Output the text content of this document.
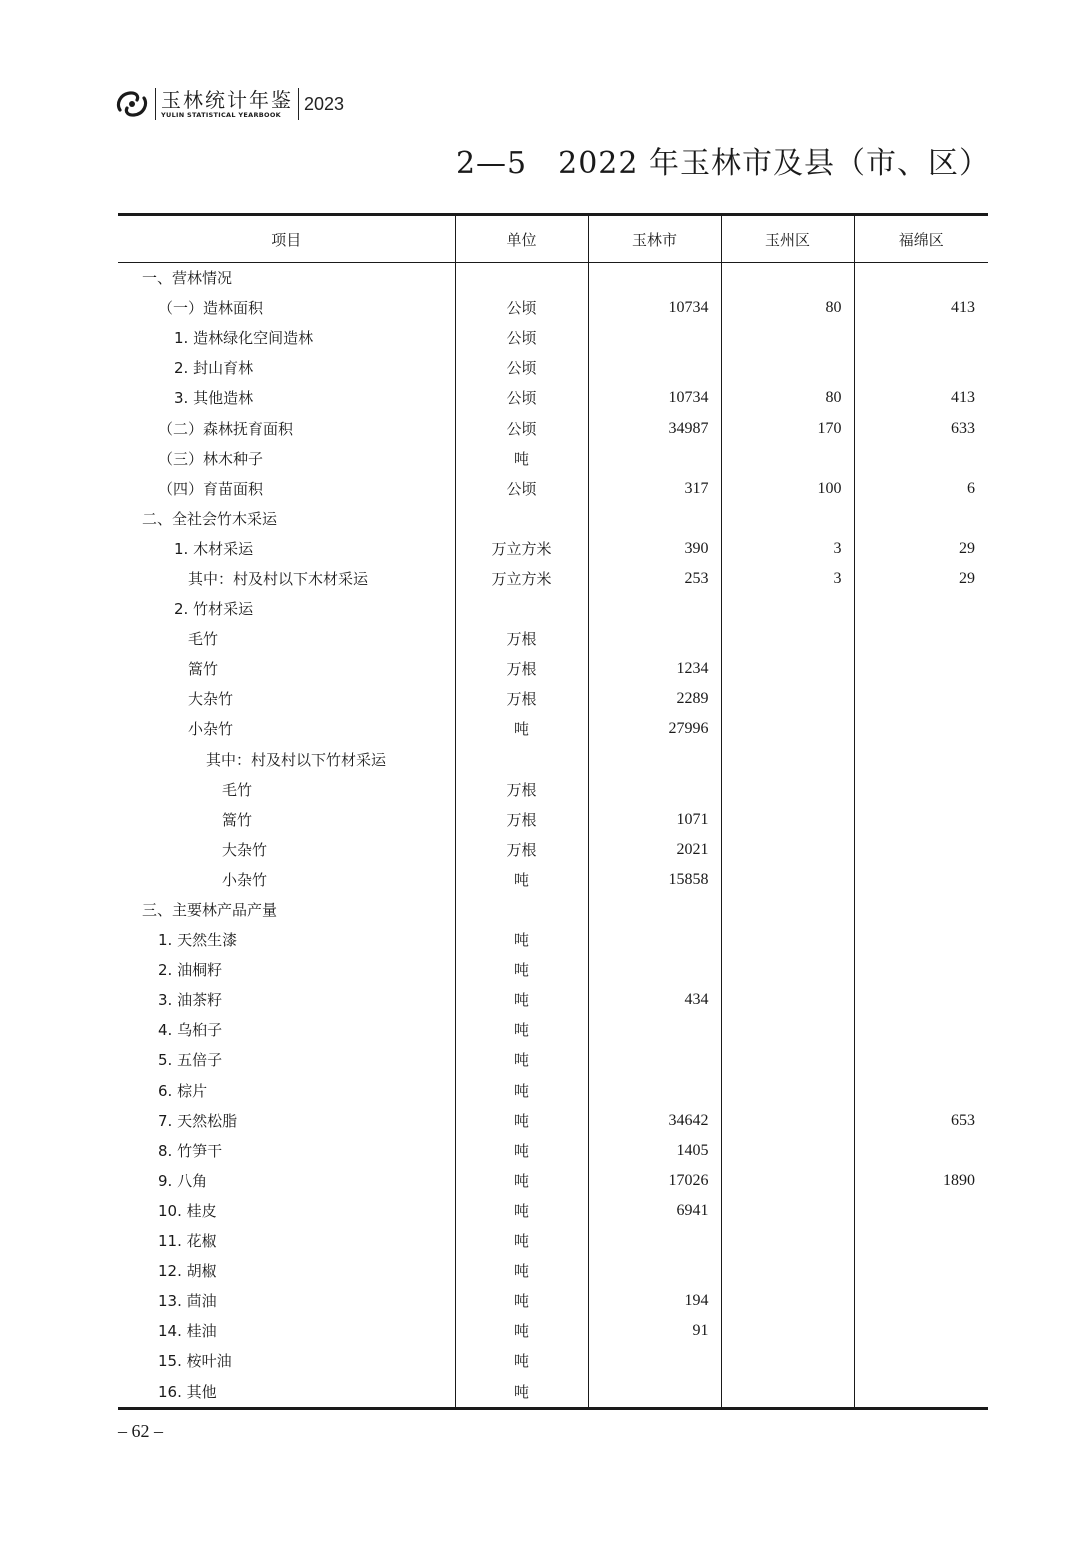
玉林统计年鉴
YULIN STATISTICAL YEARBOOK
2023
2—5　2022 年玉林市及县（市、区）
项目	单位	玉林市	玉州区	福绵区
一、营林情况				
（一）造林面积	公顷	10734	80	413
1. 造林绿化空间造林	公顷			
2. 封山育林	公顷			
3. 其他造林	公顷	10734	80	413
（二）森林抚育面积	公顷	34987	170	633
（三）林木种子	吨			
（四）育苗面积	公顷	317	100	6
二、全社会竹木采运				
1. 木材采运	万立方米	390	3	29
其中：村及村以下木材采运	万立方米	253	3	29
2. 竹材采运				
毛竹	万根			
篙竹	万根	1234		
大杂竹	万根	2289		
小杂竹	吨	27996		
其中：村及村以下竹材采运				
毛竹	万根			
篙竹	万根	1071		
大杂竹	万根	2021		
小杂竹	吨	15858		
三、主要林产品产量				
1. 天然生漆	吨			
2. 油桐籽	吨			
3. 油茶籽	吨	434		
4. 乌桕子	吨			
5. 五倍子	吨			
6. 棕片	吨			
7. 天然松脂	吨	34642		653
8. 竹笋干	吨	1405		
9. 八角	吨	17026		1890
10. 桂皮	吨	6941		
11. 花椒	吨			
12. 胡椒	吨			
13. 茴油	吨	194		
14. 桂油	吨	91		
15. 桉叶油	吨			
16. 其他	吨			
– 62 –
